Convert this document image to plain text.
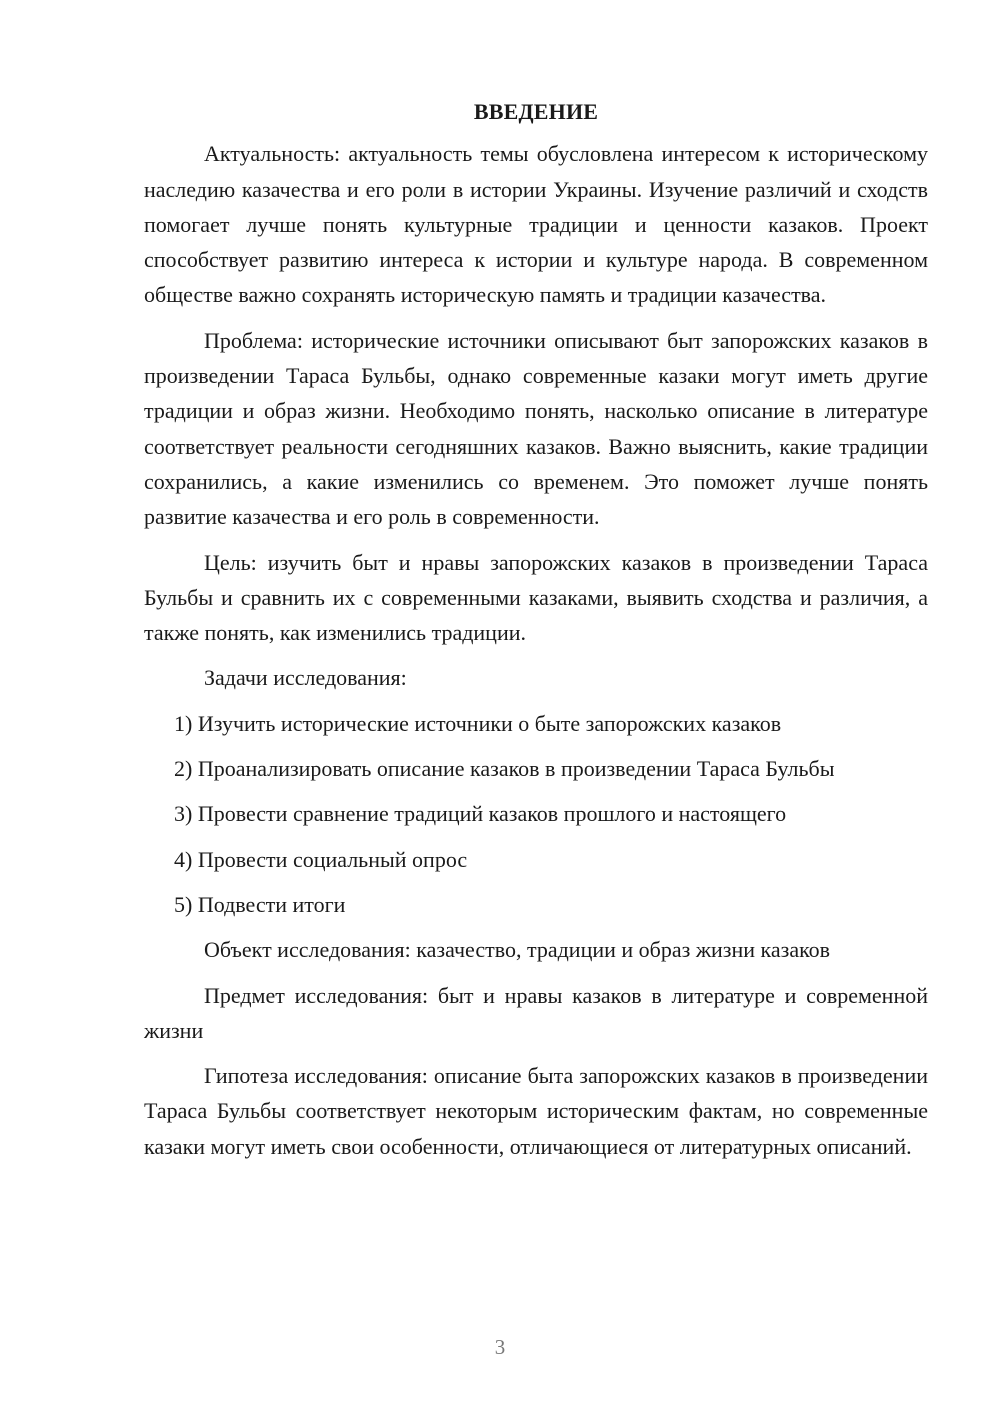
ВВЕДЕНИЕ

Актуальность: актуальность темы обусловлена интересом к историческому наследию казачества и его роли в истории Украины. Изучение различий и сходств помогает лучше понять культурные традиции и ценности казаков. Проект способствует развитию интереса к истории и культуре народа. В современном обществе важно сохранять историческую память и традиции казачества.

Проблема: исторические источники описывают быт запорожских казаков в произведении Тараса Бульбы, однако современные казаки могут иметь другие традиции и образ жизни. Необходимо понять, насколько описание в литературе соответствует реальности сегодняшних казаков. Важно выяснить, какие традиции сохранились, а какие изменились со временем. Это поможет лучше понять развитие казачества и его роль в современности.

Цель: изучить быт и нравы запорожских казаков в произведении Тараса Бульбы и сравнить их с современными казаками, выявить сходства и различия, а также понять, как изменились традиции.

Задачи исследования:

1) Изучить исторические источники о быте запорожских казаков

2) Проанализировать описание казаков в произведении Тараса Бульбы

3) Провести сравнение традиций казаков прошлого и настоящего

4) Провести социальный опрос

5) Подвести итоги

Объект исследования: казачество, традиции и образ жизни казаков

Предмет исследования: быт и нравы казаков в литературе и современной жизни

Гипотеза исследования: описание быта запорожских казаков в произведении Тараса Бульбы соответствует некоторым историческим фактам, но современные казаки могут иметь свои особенности, отличающиеся от литературных описаний.

3
